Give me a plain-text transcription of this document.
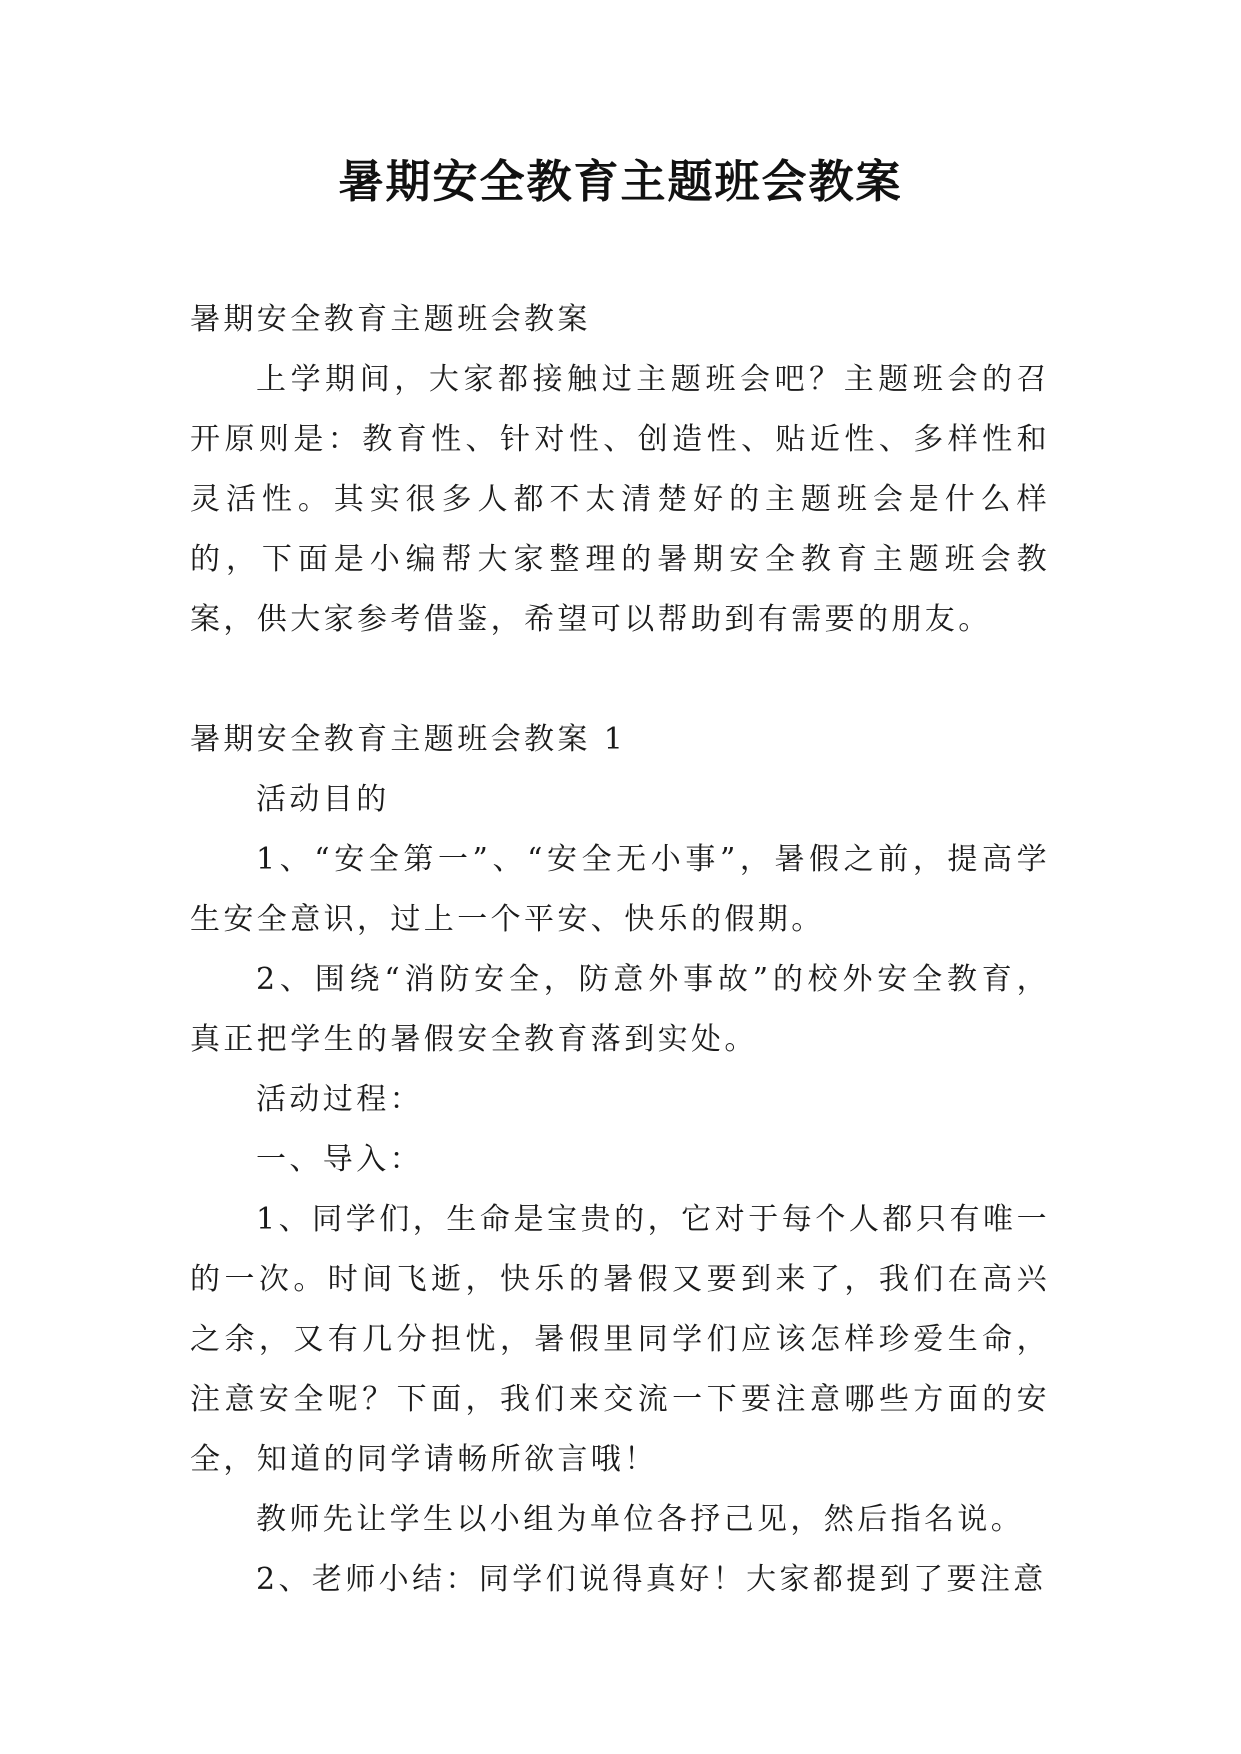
暑期安全教育主题班会教案

暑期安全教育主题班会教案

上学期间，大家都接触过主题班会吧？主题班会的召开原则是：教育性、针对性、创造性、贴近性、多样性和灵活性。其实很多人都不太清楚好的主题班会是什么样的，下面是小编帮大家整理的暑期安全教育主题班会教案，供大家参考借鉴，希望可以帮助到有需要的朋友。

暑期安全教育主题班会教案 1

活动目的

1、“安全第一”、“安全无小事”，暑假之前，提高学生安全意识，过上一个平安、快乐的假期。

2、围绕“消防安全，防意外事故”的校外安全教育，真正把学生的暑假安全教育落到实处。

活动过程：

一、导入：

1、同学们，生命是宝贵的，它对于每个人都只有唯一的一次。时间飞逝，快乐的暑假又要到来了，我们在高兴之余，又有几分担忧，暑假里同学们应该怎样珍爱生命，注意安全呢？下面，我们来交流一下要注意哪些方面的安全，知道的同学请畅所欲言哦！

教师先让学生以小组为单位各抒己见，然后指名说。

2、老师小结：同学们说得真好！大家都提到了要注意
